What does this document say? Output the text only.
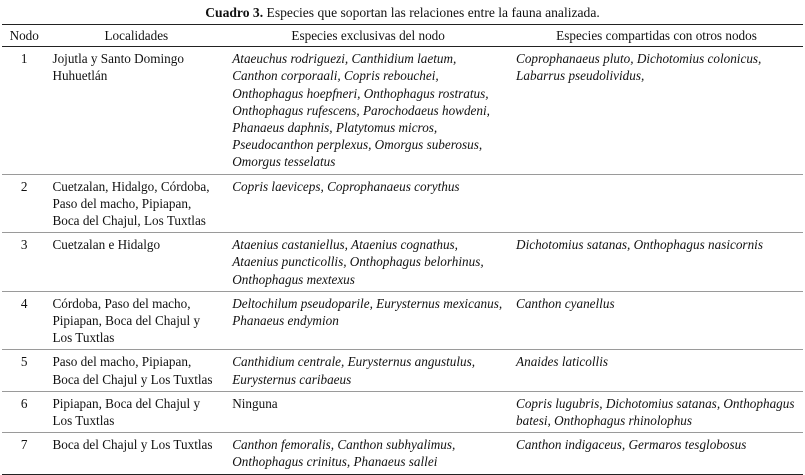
Cuadro 3. Especies que soportan las relaciones entre la fauna analizada.
Nodo	Localidades	Especies exclusivas del nodo	Especies compartidas con otros nodos
1	Jojutla y Santo Domingo Huhuetlán	Ataeuchus rodriguezi, Canthidium laetum, Canthon corporaali, Copris rebouchei, Onthophagus hoepfneri, Onthophagus rostratus, Onthophagus rufescens, Parochodaeus howdeni, Phanaeus daphnis, Platytomus micros, Pseudocanthon perplexus, Omorgus suberosus, Omorgus tesselatus	Coprophanaeus pluto, Dichotomius colonicus, Labarrus pseudolividus,
2	Cuetzalan, Hidalgo, Córdoba, Paso del macho, Pipiapan, Boca del Chajul, Los Tuxtlas	Copris laeviceps, Coprophanaeus corythus	
3	Cuetzalan e Hidalgo	Ataenius castaniellus, Ataenius cognathus, Ataenius puncticollis, Onthophagus belorhinus, Onthophagus mextexus	Dichotomius satanas, Onthophagus nasicornis
4	Córdoba, Paso del macho, Pipiapan, Boca del Chajul y Los Tuxtlas	Deltochilum pseudoparile, Eurysternus mexicanus, Phanaeus endymion	Canthon cyanellus
5	Paso del macho, Pipiapan, Boca del Chajul y Los Tuxtlas	Canthidium centrale, Eurysternus angustulus, Eurysternus caribaeus	Anaides laticollis
6	Pipiapan, Boca del Chajul y Los Tuxtlas	Ninguna	Copris lugubris, Dichotomius satanas, Onthophagus batesi, Onthophagus rhinolophus
7	Boca del Chajul y Los Tuxtlas	Canthon femoralis, Canthon subhyalimus, Onthophagus crinitus, Phanaeus sallei	Canthon indigaceus, Germaros tesglobosus
